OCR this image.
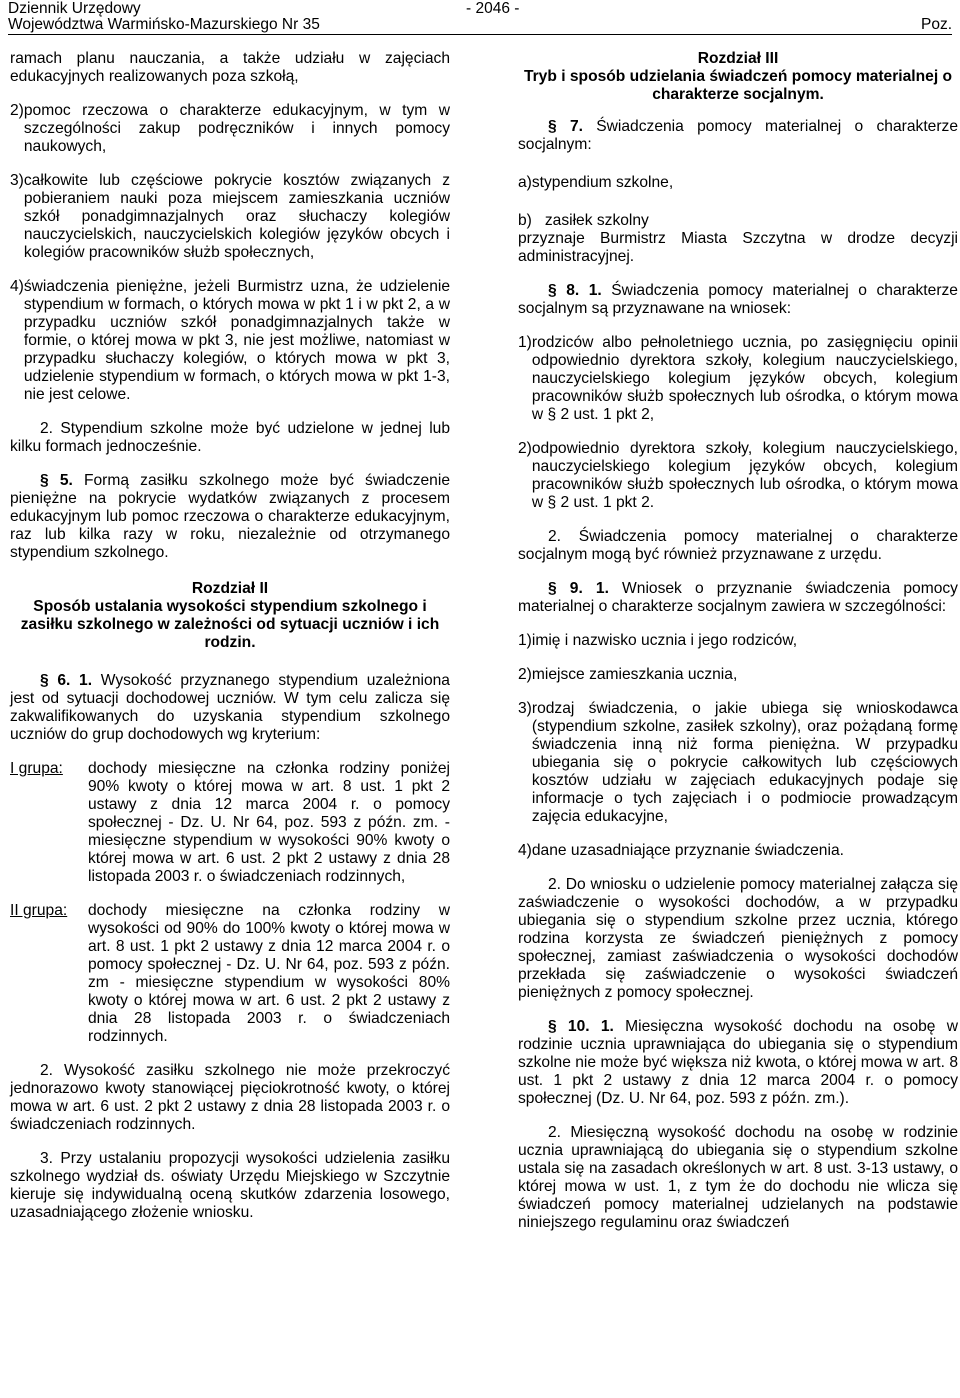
Dziennik Urzędowy
Województwa Warmińsko-Mazurskiego Nr 35
- 2046 -
Poz.

ramach planu nauczania, a także udziału w zajęciach edukacyjnych realizowanych poza szkołą,

2) pomoc rzeczowa o charakterze edukacyjnym, w tym w szczególności zakup podręczników i innych pomocy naukowych,
3) całkowite lub częściowe pokrycie kosztów związanych z pobieraniem nauki poza miejscem zamieszkania uczniów szkół ponadgimnazjalnych oraz słuchaczy kolegiów nauczycielskich, nauczycielskich kolegiów języków obcych i kolegiów pracowników służb społecznych,
4) świadczenia pieniężne, jeżeli Burmistrz uzna, że udzielenie stypendium w formach, o których mowa w pkt 1 i w pkt 2, a w przypadku uczniów szkół ponadgimnazjalnych także w formie, o której mowa w pkt 3, nie jest możliwe, natomiast w przypadku słuchaczy kolegiów, o których mowa w pkt 3, udzielenie stypendium w formach, o których mowa w pkt 1-3, nie jest celowe.

2. Stypendium szkolne może być udzielone w jednej lub kilku formach jednocześnie.

§ 5. Formą zasiłku szkolnego może być świadczenie pieniężne na pokrycie wydatków związanych z procesem edukacyjnym lub pomoc rzeczowa o charakterze edukacyjnym, raz lub kilka razy w roku, niezależnie od otrzymanego stypendium szkolnego.

Rozdział II

Sposób ustalania wysokości stypendium szkolnego i zasiłku szkolnego w zależności od sytuacji uczniów i ich rodzin.

§ 6. 1. Wysokość przyznanego stypendium uzależniona jest od sytuacji dochodowej uczniów. W tym celu zalicza się zakwalifikowanych do uzyskania stypendium szkolnego uczniów do grup dochodowych wg kryterium:

I grupa:	dochody miesięczne na członka rodziny poniżej 90% kwoty o której mowa w art. 8 ust. 1 pkt 2 ustawy z dnia 12 marca 2004 r. o pomocy społecznej - Dz. U. Nr 64, poz. 593 z późn. zm. - miesięczne stypendium w wysokości 90% kwoty o której mowa w art. 6 ust. 2 pkt 2 ustawy z dnia 28 listopada 2003 r. o świadczeniach rodzinnych,
II grupa:	dochody miesięczne na członka rodziny w wysokości od 90% do 100% kwoty o której mowa w art. 8 ust. 1 pkt 2 ustawy z dnia 12 marca 2004 r. o pomocy społecznej - Dz. U. Nr 64, poz. 593 z późn. zm - miesięczne stypendium w wysokości 80% kwoty o której mowa w art. 6 ust. 2 pkt 2 ustawy z dnia 28 listopada 2003 r. o świadczeniach rodzinnych.

2. Wysokość zasiłku szkolnego nie może przekroczyć jednorazowo kwoty stanowiącej pięciokrotność kwoty, o której mowa w art. 6 ust. 2 pkt 2 ustawy z dnia 28 listopada 2003 r. o świadczeniach rodzinnych.

3. Przy ustalaniu propozycji wysokości udzielenia zasiłku szkolnego wydział ds. oświaty Urzędu Miejskiego w Szczytnie kieruje się indywidualną oceną skutków zdarzenia losowego, uzasadniającego złożenie wniosku.

Rozdział III

Tryb i sposób udzielania świadczeń pomocy materialnej o charakterze socjalnym.

§ 7. Świadczenia pomocy materialnej o charakterze socjalnym:

a) stypendium szkolne,

b)   zasiłek szkolny

przyznaje Burmistrz Miasta Szczytna w drodze decyzji administracyjnej.

§ 8. 1. Świadczenia pomocy materialnej o charakterze socjalnym są przyznawane na wniosek:

1) rodziców albo pełnoletniego ucznia, po zasięgnięciu opinii odpowiednio dyrektora szkoły, kolegium nauczycielskiego, nauczycielskiego kolegium języków obcych, kolegium pracowników służb społecznych lub ośrodka, o którym mowa w § 2 ust. 1 pkt 2,
2) odpowiednio dyrektora szkoły, kolegium nauczycielskiego, nauczycielskiego kolegium języków obcych, kolegium pracowników służb społecznych lub ośrodka, o którym mowa w § 2 ust. 1 pkt 2.

2. Świadczenia pomocy materialnej o charakterze socjalnym mogą być również przyznawane z urzędu.

§ 9. 1. Wniosek o przyznanie świadczenia pomocy materialnej o charakterze socjalnym zawiera w szczególności:

1) imię i nazwisko ucznia i jego rodziców,
2) miejsce zamieszkania ucznia,
3) rodzaj świadczenia, o jakie ubiega się wnioskodawca (stypendium szkolne, zasiłek szkolny), oraz pożądaną formę świadczenia inną niż forma pieniężna. W przypadku ubiegania się o pokrycie całkowitych lub częściowych kosztów udziału w zajęciach edukacyjnych podaje się informacje o tych zajęciach i o podmiocie prowadzącym zajęcia edukacyjne,
4) dane uzasadniające przyznanie świadczenia.

2. Do wniosku o udzielenie pomocy materialnej załącza się zaświadczenie o wysokości dochodów, a w przypadku ubiegania się o stypendium szkolne przez ucznia, którego rodzina korzysta ze świadczeń pieniężnych z pomocy społecznej, zamiast zaświadczenia o wysokości dochodów przekłada się zaświadczenie o wysokości świadczeń pieniężnych z pomocy społecznej.

§ 10. 1. Miesięczna wysokość dochodu na osobę w rodzinie ucznia uprawniająca do ubiegania się o stypendium szkolne nie może być większa niż kwota, o której mowa w art. 8 ust. 1 pkt 2 ustawy z dnia 12 marca 2004 r. o pomocy społecznej (Dz. U. Nr 64, poz. 593 z późn. zm.).

2. Miesięczną wysokość dochodu na osobę w rodzinie ucznia uprawniającą do ubiegania się o stypendium szkolne ustala się na zasadach określonych w art. 8 ust. 3-13 ustawy, o której mowa w ust. 1, z tym że do dochodu nie wlicza się świadczeń pomocy materialnej udzielanych na podstawie niniejszego regulaminu oraz świadczeń
